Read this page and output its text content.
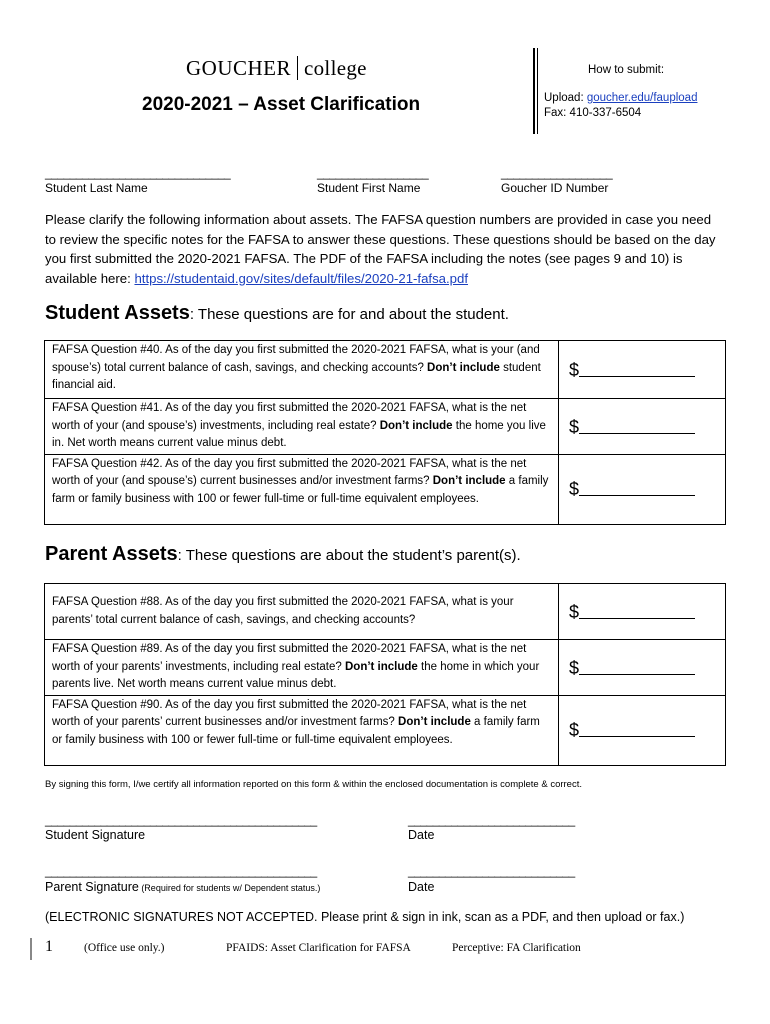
GOUCHER college
2020-2021 – Asset Clarification
How to submit:
Upload: goucher.edu/faupload
Fax: 410-337-6504
______________________________	__________________	__________________
Student Last Name	Student First Name	Goucher ID Number
Please clarify the following information about assets. The FAFSA question numbers are provided in case you need to review the specific notes for the FAFSA to answer these questions. These questions should be based on the day you first submitted the 2020-2021 FAFSA. The PDF of the FAFSA including the notes (see pages 9 and 10) is available here: https://studentaid.gov/sites/default/files/2020-21-fafsa.pdf
Student Assets: These questions are for and about the student.
FAFSA Question #40. As of the day you first submitted the 2020-2021 FAFSA, what is your (and spouse’s) total current balance of cash, savings, and checking accounts? Don’t include student financial aid.	$
FAFSA Question #41. As of the day you first submitted the 2020-2021 FAFSA, what is the net worth of your (and spouse’s) investments, including real estate? Don’t include the home you live in. Net worth means current value minus debt.	$
FAFSA Question #42. As of the day you first submitted the 2020-2021 FAFSA, what is the net worth of your (and spouse’s) current businesses and/or investment farms? Don’t include a family farm or family business with 100 or fewer full-time or full-time equivalent employees.	$
Parent Assets: These questions are about the student’s parent(s).
FAFSA Question #88. As of the day you first submitted the 2020-2021 FAFSA, what is your parents’ total current balance of cash, savings, and checking accounts?	$
FAFSA Question #89. As of the day you first submitted the 2020-2021 FAFSA, what is the net worth of your parents’ investments, including real estate? Don’t include the home in which your parents live. Net worth means current value minus debt.	$
FAFSA Question #90. As of the day you first submitted the 2020-2021 FAFSA, what is the net worth of your parents’ current businesses and/or investment farms? Don’t include a family farm or family business with 100 or fewer full-time or full-time equivalent employees.	$
By signing this form, I/we certify all information reported on this form & within the enclosed documentation is complete & correct.
____________________________________________	___________________________
Student Signature	Date
____________________________________________	___________________________
Parent Signature (Required for students w/ Dependent status.)	Date
(ELECTRONIC SIGNATURES NOT ACCEPTED. Please print & sign in ink, scan as a PDF, and then upload or fax.)
1	(Office use only.)	PFAIDS: Asset Clarification for FAFSA	Perceptive: FA Clarification
